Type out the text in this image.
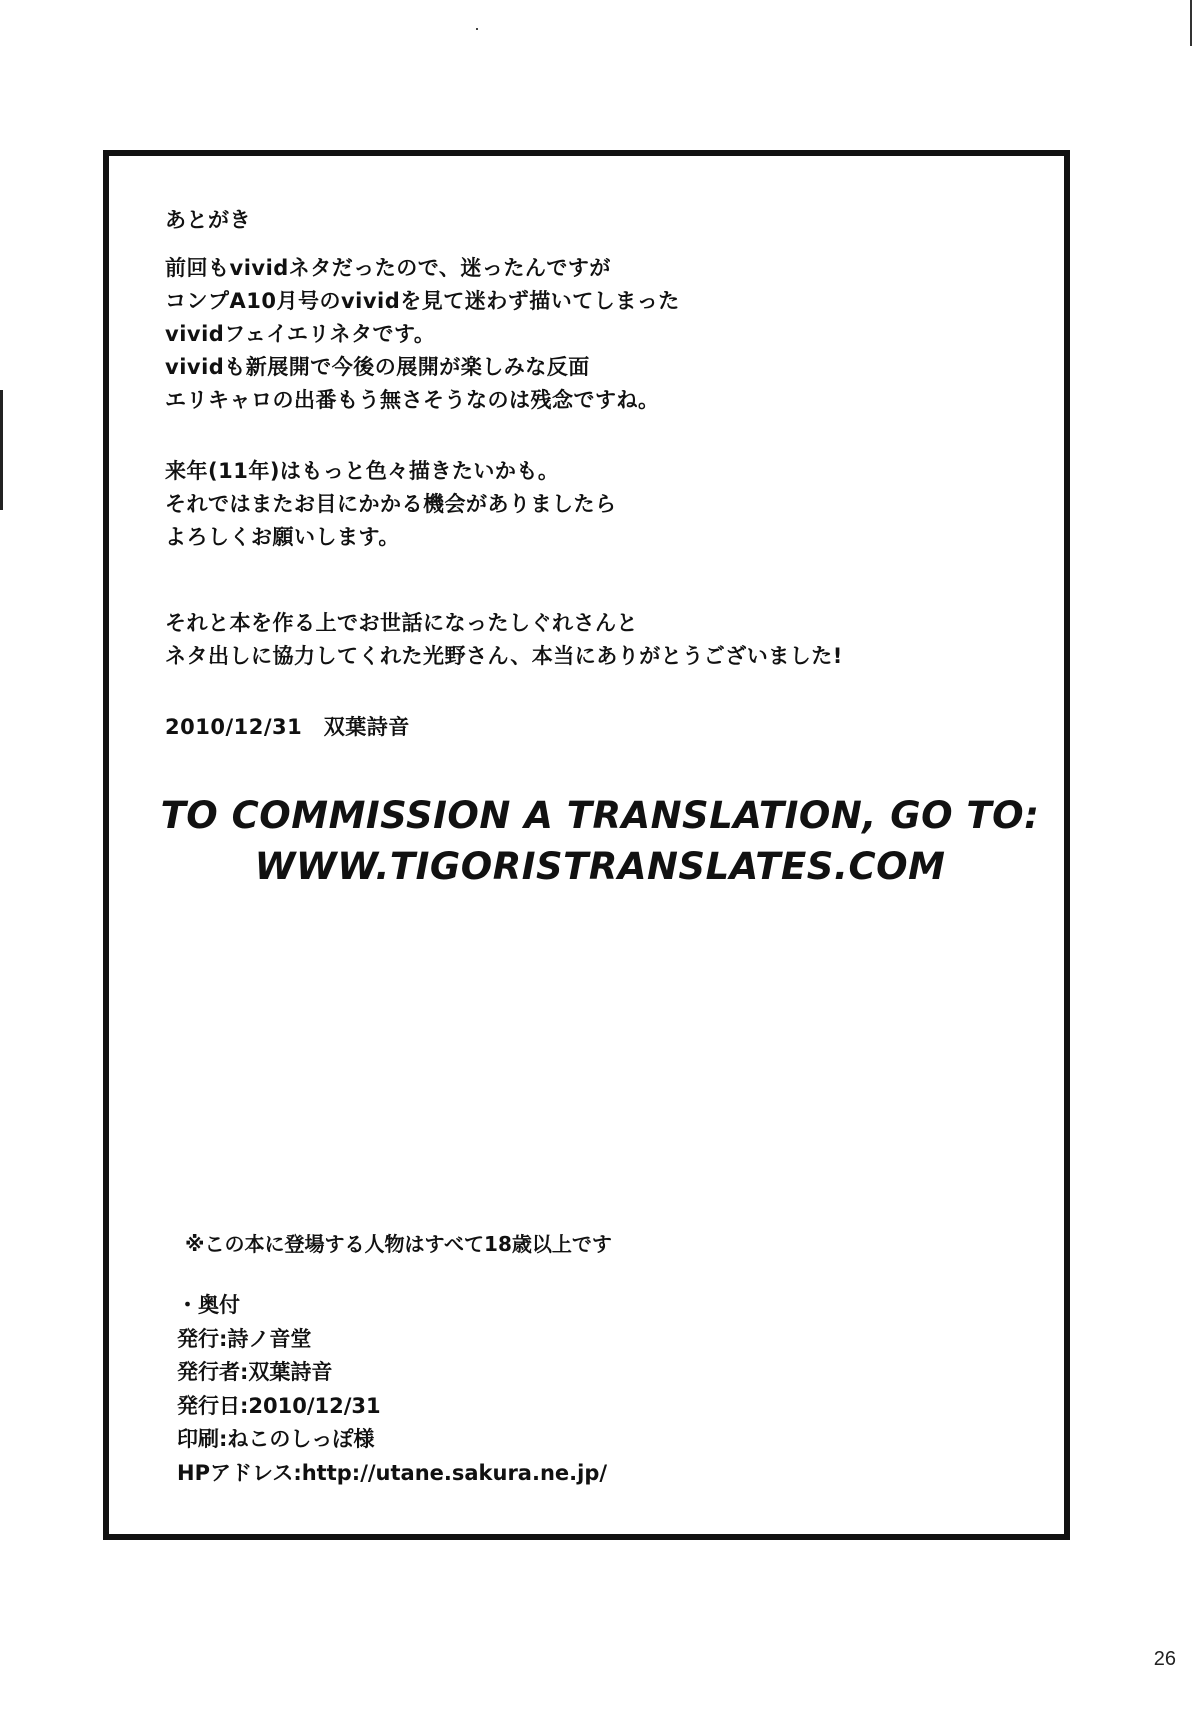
あとがき
前回もvividネタだったので、迷ったんですが
コンプA10月号のvividを見て迷わず描いてしまった
vividフェイエリネタです。
vividも新展開で今後の展開が楽しみな反面
エリキャロの出番もう無さそうなのは残念ですね。
来年(11年)はもっと色々描きたいかも。
それではまたお目にかかる機会がありましたら
よろしくお願いします。
それと本を作る上でお世話になったしぐれさんと
ネタ出しに協力してくれた光野さん、本当にありがとうございました!
2010/12/31　双葉詩音
TO COMMISSION A TRANSLATION, GO TO:
WWW.TIGORISTRANSLATES.COM
※この本に登場する人物はすべて18歳以上です
・奥付
発行:詩ノ音堂
発行者:双葉詩音
発行日:2010/12/31
印刷:ねこのしっぽ様
HPアドレス:http://utane.sakura.ne.jp/
26
